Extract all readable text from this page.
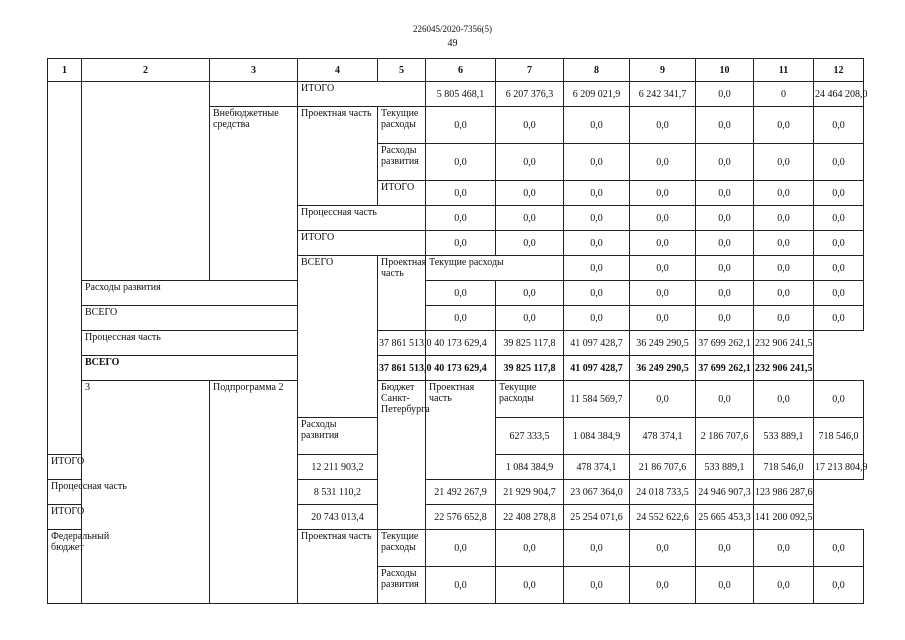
226045/2020-7356(5)
49
1	2	3	4	5	6	7	8	9	10	11	12	
			ИТОГО		5 805 468,1	6 207 376,3	6 209 021,9	6 242 341,7	0,0	0	24 464 208,0	
		Внебюджетные средства	Проектная часть	Текущие расходы	0,0	0,0	0,0	0,0	0,0	0,0	0,0	
				Расходы развития	0,0	0,0	0,0	0,0	0,0	0,0	0,0	
				ИТОГО	0,0	0,0	0,0	0,0	0,0	0,0	0,0	
			Процессная часть		0,0	0,0	0,0	0,0	0,0	0,0	0,0	
			ИТОГО		0,0	0,0	0,0	0,0	0,0	0,0	0,0	
			ВСЕГО	Проектная часть	Текущие расходы		0,0	0,0	0,0	0,0	0,0		
	Расходы развития				0,0	0,0	0,0	0,0	0,0	0,0	0,0	
	ВСЕГО				0,0	0,0	0,0	0,0	0,0	0,0	0,0	
	Процессная часть			37 861 513,0	40 173 629,4	39 825 117,8	41 097 428,7	36 249 290,5	37 699 262,1	232 906 241,5		
	ВСЕГО			37 861 513,0	40 173 629,4	39 825 117,8	41 097 428,7	36 249 290,5	37 699 262,1	232 906 241,5		
	3	Подпрограмма 2		Бюджет Санкт-Петербурга	Проектная часть	Текущие расходы	11 584 569,7	0,0	0,0	0,0	0,0		
			Расходы развития			627 333,5	1 084 384,9	478 374,1	2 186 707,6	533 889,1	718 546,0	
ИТОГО			12 211 903,2			1 084 384,9	478 374,1	21 86 707,6	533 889,1	718 546,0	17 213 804,9	
Процессная часть			8 531 110,2		21 492 267,9	21 929 904,7	23 067 364,0	24 018 733,5	24 946 907,3	123 986 287,6		
ИТОГО			20 743 013,4		22 576 652,8	22 408 278,8	25 254 071,6	24 552 622,6	25 665 453,3	141 200 092,5		
Федеральный бюджет			Проектная часть	Текущие расходы	0,0	0,0	0,0	0,0	0,0	0,0	0,0	
				Расходы развития	0,0	0,0	0,0	0,0	0,0	0,0	0,0	
